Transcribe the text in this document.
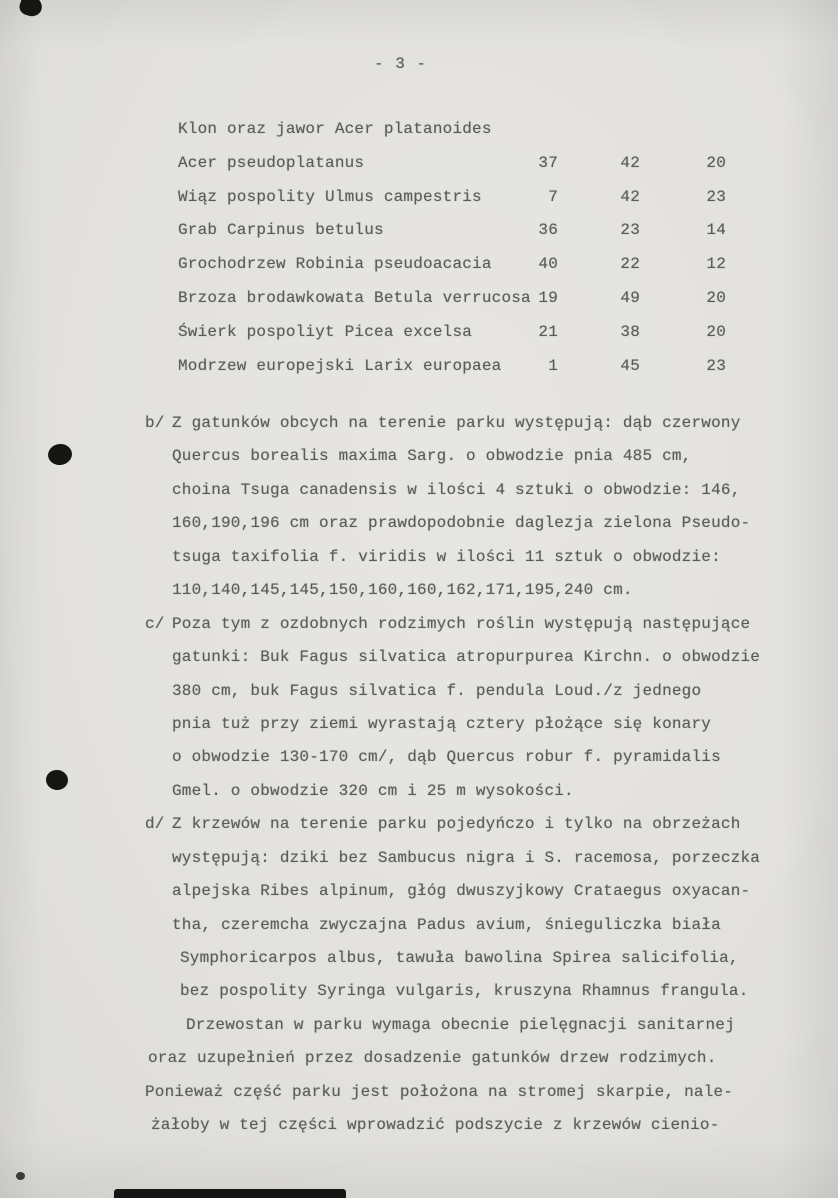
- 3 -
Klon oraz jawor Acer platanoides
Acer pseudoplatanus	37	42	20
Wiąz pospolity Ulmus campestris	7	42	23
Grab Carpinus betulus	36	23	14
Grochodrzew Robinia pseudoacacia	40	22	12
Brzoza brodawkowata Betula verrucosa 19	49	20
Świerk pospoliyt Picea excelsa	21	38	20
Modrzew europejski Larix europaea	1	45	23
b/ Z gatunków obcych na terenie parku występują: dąb czerwony
Quercus borealis maxima Sarg. o obwodzie pnia 485 cm,
choina Tsuga canadensis w ilości 4 sztuki o obwodzie: 146,
160,190,196 cm oraz prawdopodobnie daglezja zielona Pseudo-
tsuga taxifolia f. viridis w ilości 11 sztuk o obwodzie:
110,140,145,145,150,160,160,162,171,195,240 cm.
c/ Poza tym z ozdobnych rodzimych roślin występują następujące
gatunki: Buk Fagus silvatica atropurpurea Kirchn. o obwodzie
380 cm, buk Fagus silvatica f. pendula Loud./z jednego
pnia tuż przy ziemi wyrastają cztery płożące się konary
o obwodzie 130-170 cm/, dąb Quercus robur f. pyramidalis
Gmel. o obwodzie 320 cm i 25 m wysokości.
d/ Z krzewów na terenie parku pojedyńczo i tylko na obrzeżach
występują: dziki bez Sambucus nigra i S. racemosa, porzeczka
alpejska Ribes alpinum, głóg dwuszyjkowy Crataegus oxyacan-
tha, czeremcha zwyczajna Padus avium, śnieguliczka biała
Symphoricarpos albus, tawuła bawolina Spirea salicifolia,
bez pospolity Syringa vulgaris, kruszyna Rhamnus frangula.
Drzewostan w parku wymaga obecnie pielęgnacji sanitarnej
oraz uzupełnień przez dosadzenie gatunków drzew rodzimych.
Ponieważ część parku jest położona na stromej skarpie, nale-
żałoby w tej części wprowadzić podszycie z krzewów cienio-
